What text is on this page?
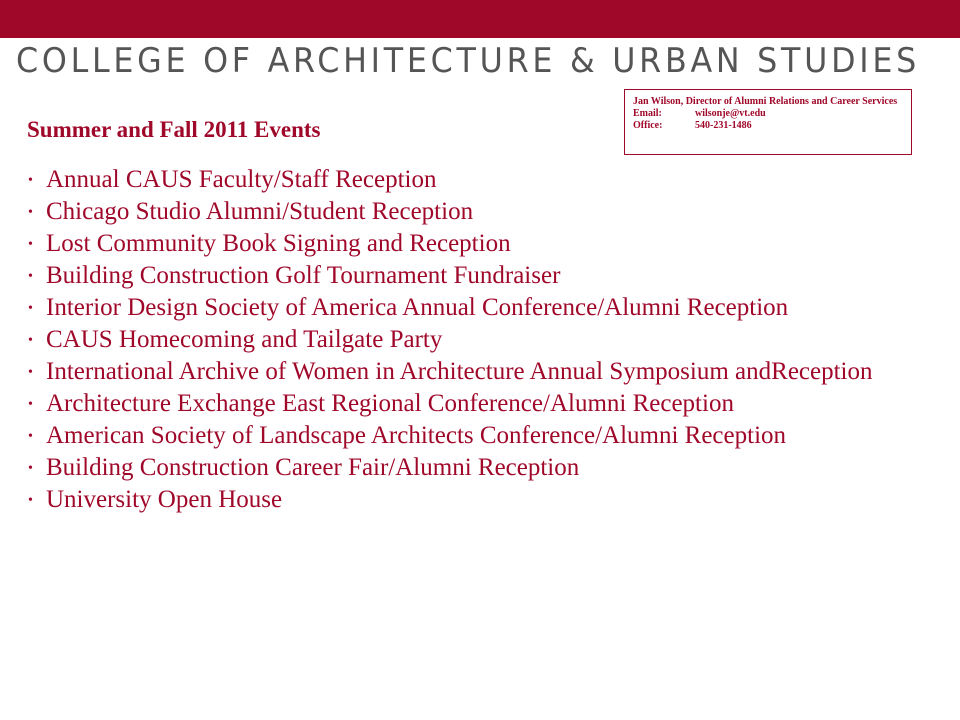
COLLEGE OF ARCHITECTURE & URBAN STUDIES
Jan Wilson, Director of Alumni Relations and Career Services
Email:	wilsonje@vt.edu
Office:	540-231-1486
Summer and Fall 2011 Events
• Annual CAUS Faculty/Staff Reception
• Chicago Studio Alumni/Student Reception
• Lost Community Book Signing and Reception
• Building Construction Golf Tournament Fundraiser
• Interior Design Society of America Annual Conference/Alumni Reception
• CAUS Homecoming and Tailgate Party
• International Archive of Women in Architecture Annual Symposium andReception
• Architecture Exchange East Regional Conference/Alumni Reception
• American Society of Landscape Architects Conference/Alumni Reception
• Building Construction Career Fair/Alumni Reception
• University Open House
